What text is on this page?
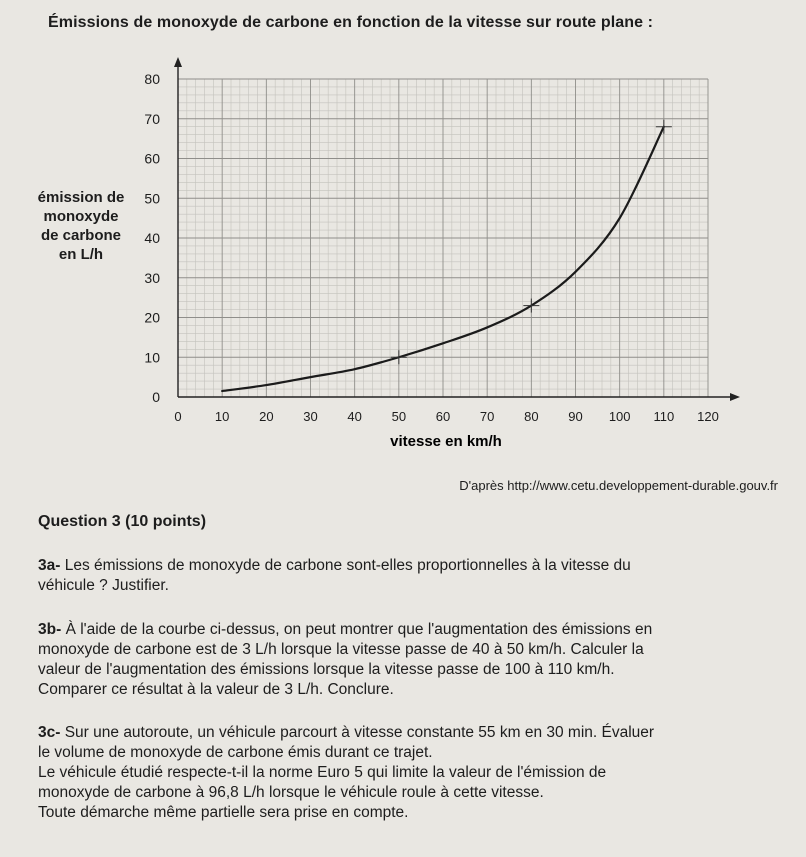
Émissions de monoxyde de carbone en fonction de la vitesse sur route plane :
0	10 20 30 40 50 60 70 80 90 100 110 120
0
10
20
30
40
50
60
70
80
vitesse en km/h
émission de
monoxyde
de carbone
en L/h
D'après http://www.cetu.developpement-durable.gouv.fr
Question 3 (10 points)
3a- Les émissions de monoxyde de carbone sont-elles proportionnelles à la vitesse du
véhicule ? Justifier.
3b- À l'aide de la courbe ci-dessus, on peut montrer que l'augmentation des émissions en
monoxyde de carbone est de 3 L/h lorsque la vitesse passe de 40 à 50 km/h. Calculer la
valeur de l'augmentation des émissions lorsque la vitesse passe de 100 à 110 km/h.
Comparer ce résultat à la valeur de 3 L/h. Conclure.
3c- Sur une autoroute, un véhicule parcourt à vitesse constante 55 km en 30 min. Évaluer
le volume de monoxyde de carbone émis durant ce trajet.
Le véhicule étudié respecte-t-il la norme Euro 5 qui limite la valeur de l'émission de
monoxyde de carbone à 96,8 L/h lorsque le véhicule roule à cette vitesse.
Toute démarche même partielle sera prise en compte.
